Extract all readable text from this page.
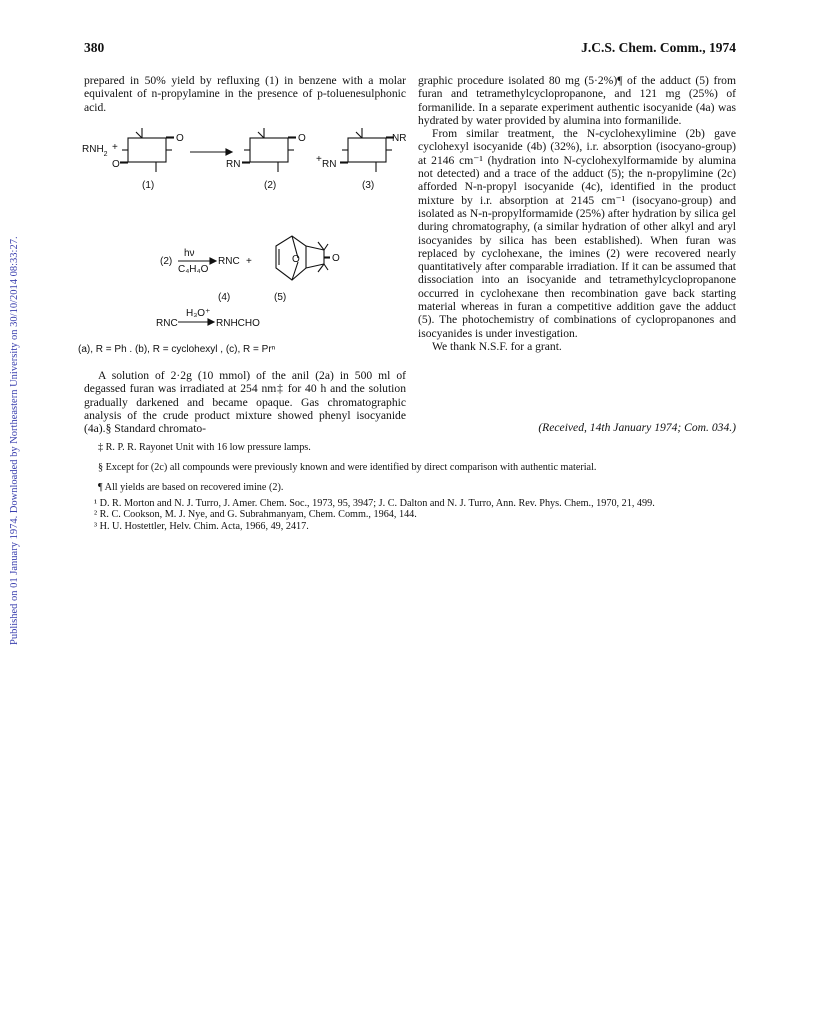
Published on 01 January 1974. Downloaded by Northeastern University on 30/10/2014 08:33:27.
380	J.C.S. Chem. Comm., 1974

prepared in 50% yield by refluxing (1) in benzene with a molar equivalent of n-propylamine in the presence of p-toluenesulphonic acid.

$RNH_2$
+
O
O
O
RN	+
NR
RN
(1)	(2)	(3)
(2)
hν
C₄H₄O
RNC +	O	O
(4)	(5)
H₃O⁺
RNC	RNHCHO
(a), R = Ph . (b), R = cyclohexyl , (c), R = Prⁿ

A solution of 2·2g (10 mmol) of the anil (2a) in 500 ml of degassed furan was irradiated at 254 nm‡ for 40 h and the solution gradually darkened and became opaque. Gas chromatographic analysis of the crude product mixture showed phenyl isocyanide (4a).§ Standard chromato-

graphic procedure isolated 80 mg (5·2%)¶ of the adduct (5) from furan and tetramethylcyclopropanone, and 121 mg (25%) of formanilide. In a separate experiment authentic isocyanide (4a) was hydrated by water provided by alumina into formanilide.

From similar treatment, the N-cyclohexylimine (2b) gave cyclohexyl isocyanide (4b) (32%), i.r. absorption (isocyano-group) at 2146 cm⁻¹ (hydration into N-cyclohexylformamide by alumina not detected) and a trace of the adduct (5); the n-propylimine (2c) afforded N-n-propyl isocyanide (4c), identified in the product mixture by i.r. absorption at 2145 cm⁻¹ (isocyano-group) and isolated as N-n-propylformamide (25%) after hydration by silica gel during chromatography, (a similar hydration of other alkyl and aryl isocyanides by silica has been established). When furan was replaced by cyclohexane, the imines (2) were recovered nearly quantitatively after comparable irradiation. If it can be assumed that dissociation into an isocyanide and tetramethylcyclopropanone occurred in cyclohexane then recombination gave back starting material whereas in furan a competitive addition gave the adduct (5). The photochemistry of combinations of cyclopropanones and isocyanides is under investigation.

We thank N.S.F. for a grant.

(Received, 14th January 1974; Com. 034.)

‡ R. P. R. Rayonet Unit with 16 low pressure lamps.

§ Except for (2c) all compounds were previously known and were identified by direct comparison with authentic material.

¶ All yields are based on recovered imine (2).

¹ D. R. Morton and N. J. Turro, J. Amer. Chem. Soc., 1973, 95, 3947; J. C. Dalton and N. J. Turro, Ann. Rev. Phys. Chem., 1970, 21, 499.

² R. C. Cookson, M. J. Nye, and G. Subrahmanyam, Chem. Comm., 1964, 144.

³ H. U. Hostettler, Helv. Chim. Acta, 1966, 49, 2417.
